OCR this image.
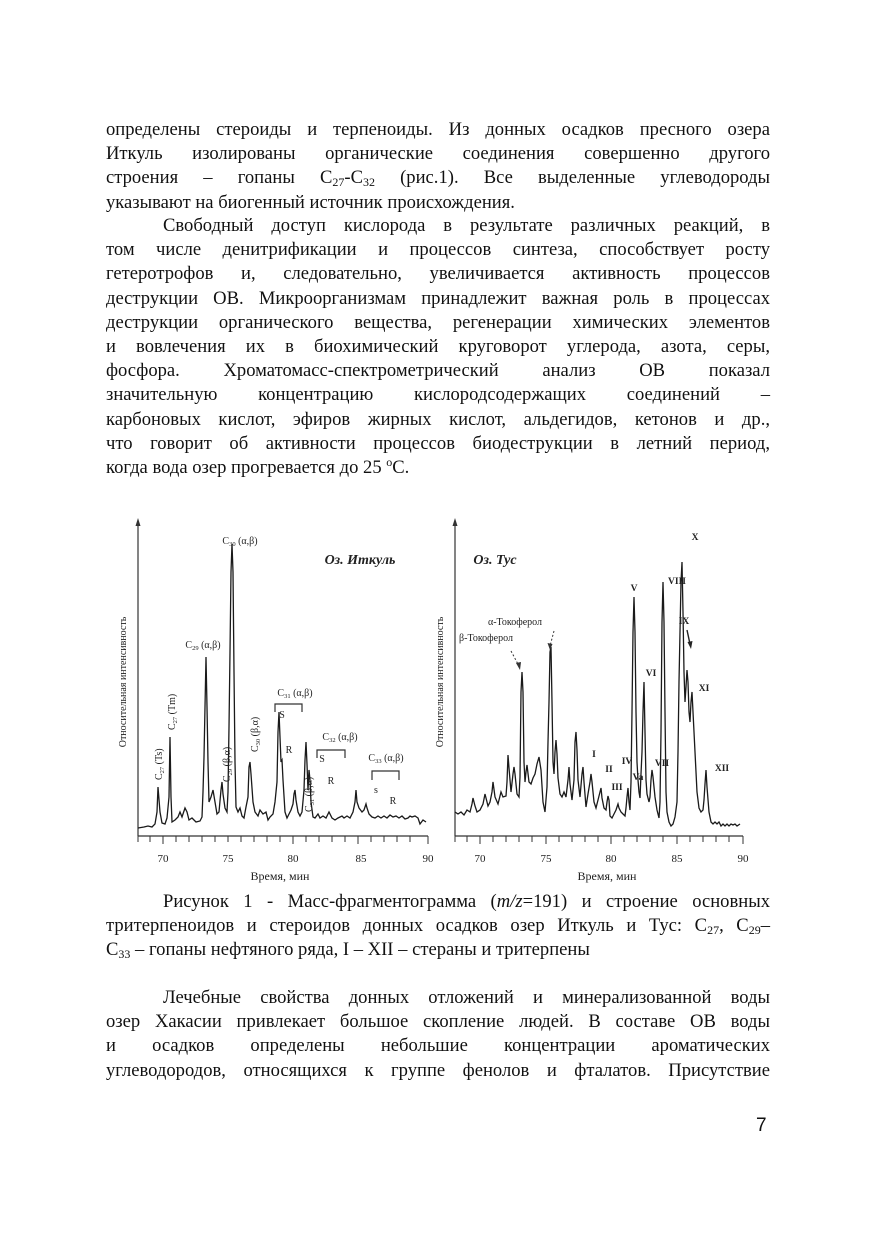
определены стероиды и терпеноиды. Из донных осадков пресного озера
Иткуль изолированы органические соединения совершенно другого
строения – гопаны $C_{27}-C_{32}$ (рис.1). Все выделенные углеводороды
указывают на биогенный источник происхождения.

Свободный доступ кислорода в результате различных реакций, в
том числе денитрификации и процессов синтеза, способствует росту
гетеротрофов и, следовательно, увеличивается активность процессов
деструкции ОВ. Микроорганизмам принадлежит важная роль в процессах
деструкции органического вещества, регенерации химических элементов
и вовлечения их в биохимический круговорот углерода, азота, серы,
фосфора. Хроматомасс-спектрометрический анализ ОВ показал
значительную концентрацию кислородсодержащих соединений –
карбоновых кислот, эфиров жирных кислот, альдегидов, кетонов и др.,
что говорит об активности процессов биодеструкции в летний период,
когда вода озер прогревается до 25 $^o$C.

70	75	80	85	90
Время, мин
Относительная интенсивность
Оз. Иткуль
$C_{30}$ (α,β)
$C_{29}$ (α,β)
$C_{27}$ (Ts)
$C_{27}$ (Tm)
$C_{29}$ (β,α) $C_{30}$ (β,α)
$C_{31}$ (α,β)
S
R
$C_{31}$ (β,α)
$C_{32}$ (α,β)
S
R
$C_{33}$ (α,β)
s
R
70	75	80	85	90
Время, мин
Относительная интенсивность
Оз. Тус
α-Токоферол
β-Токоферол
I
II
III
IV
Va
V
VI
VII
VIII
IX
X
XI
XII
Рисунок 1 - Масс-фрагментограмма (m/z=191) и строение основных
тритерпеноидов и стероидов донных осадков озер Иткуль и Тус: $C_{27}$, $C_{29}-$
$C_{33}$ – гопаны нефтяного ряда, I – XII – стераны и тритерпены

Лечебные свойства донных отложений и минерализованной воды
озер Хакасии привлекает большое скопление людей. В составе ОВ воды
и осадков определены небольшие концентрации ароматических
углеводородов, относящихся к группе фенолов и фталатов. Присутствие

7
